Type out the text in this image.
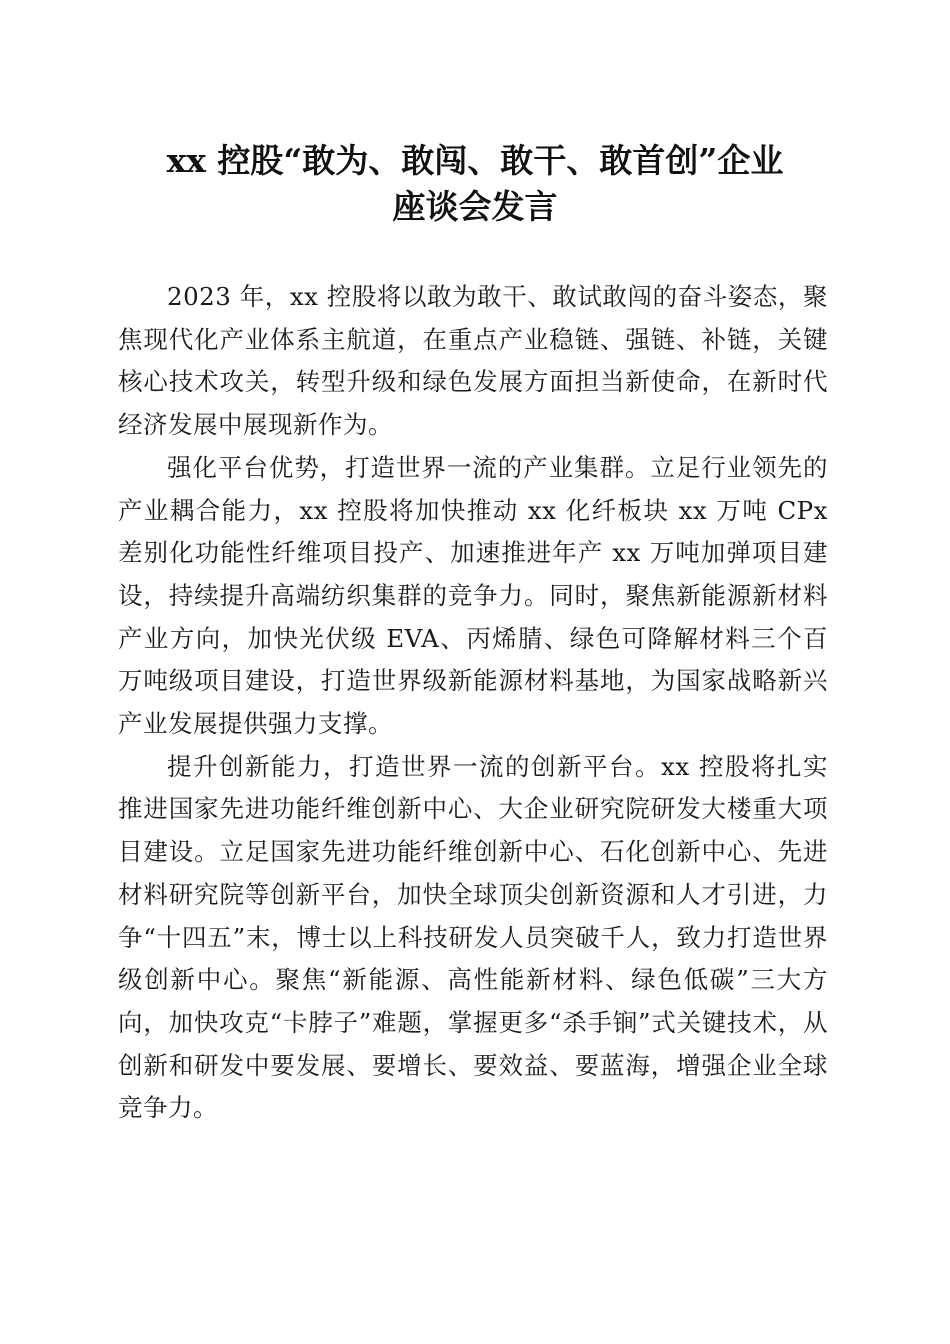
xx 控股“敢为、敢闯、敢干、敢首创”企业
座谈会发言

2023 年，xx 控股将以敢为敢干、敢试敢闯的奋斗姿态，聚焦现代化产业体系主航道，在重点产业稳链、强链、补链，关键核心技术攻关，转型升级和绿色发展方面担当新使命，在新时代经济发展中展现新作为。

强化平台优势，打造世界一流的产业集群。立足行业领先的产业耦合能力，xx 控股将加快推动 xx 化纤板块 xx 万吨 CPx 差别化功能性纤维项目投产、加速推进年产 xx 万吨加弹项目建设，持续提升高端纺织集群的竞争力。同时，聚焦新能源新材料产业方向，加快光伏级 EVA、丙烯腈、绿色可降解材料三个百万吨级项目建设，打造世界级新能源材料基地，为国家战略新兴产业发展提供强力支撑。

提升创新能力，打造世界一流的创新平台。xx 控股将扎实推进国家先进功能纤维创新中心、大企业研究院研发大楼重大项目建设。立足国家先进功能纤维创新中心、石化创新中心、先进材料研究院等创新平台，加快全球顶尖创新资源和人才引进，力争“十四五”末，博士以上科技研发人员突破千人，致力打造世界级创新中心。聚焦“新能源、高性能新材料、绿色低碳”三大方向，加快攻克“卡脖子”难题，掌握更多“杀手锏”式关键技术，从创新和研发中要发展、要增长、要效益、要蓝海，增强企业全球竞争力。
